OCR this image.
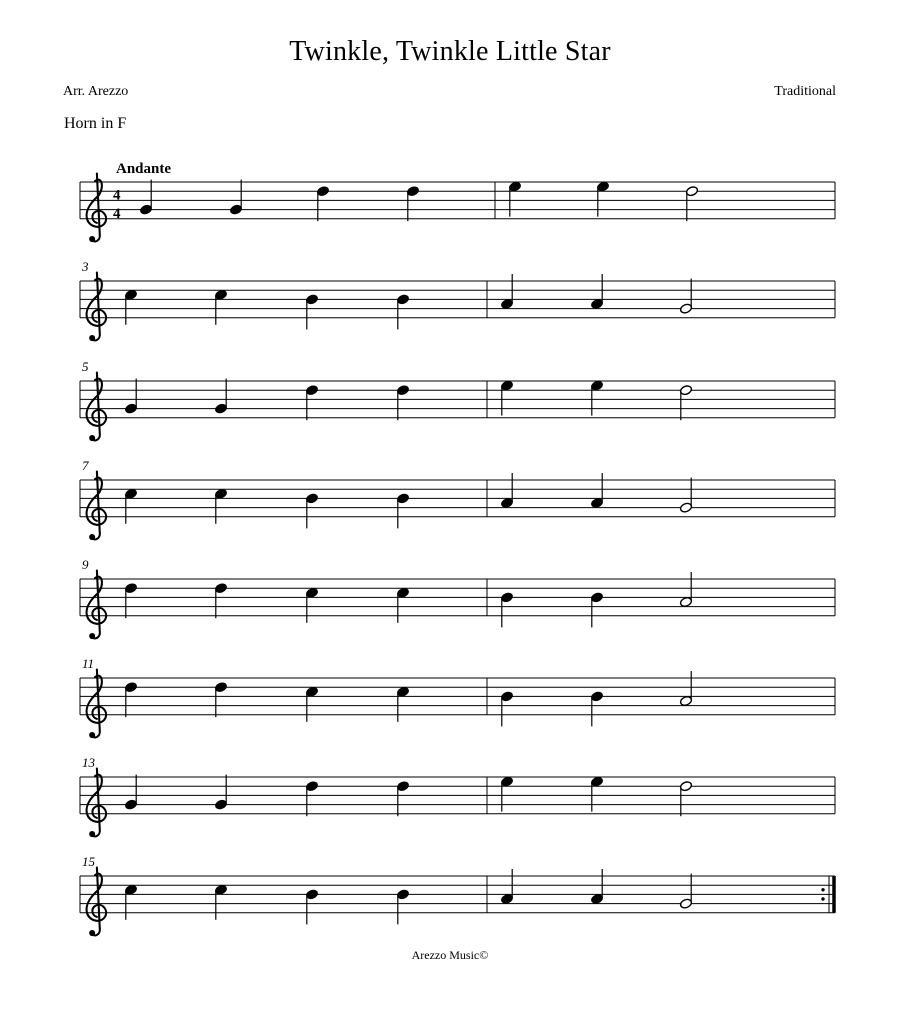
Twinkle, Twinkle Little Star
Arr. Arezzo	Traditional
Horn in F
4
4
Andante
3
5
7
9
11
13
15
Arezzo Music©
